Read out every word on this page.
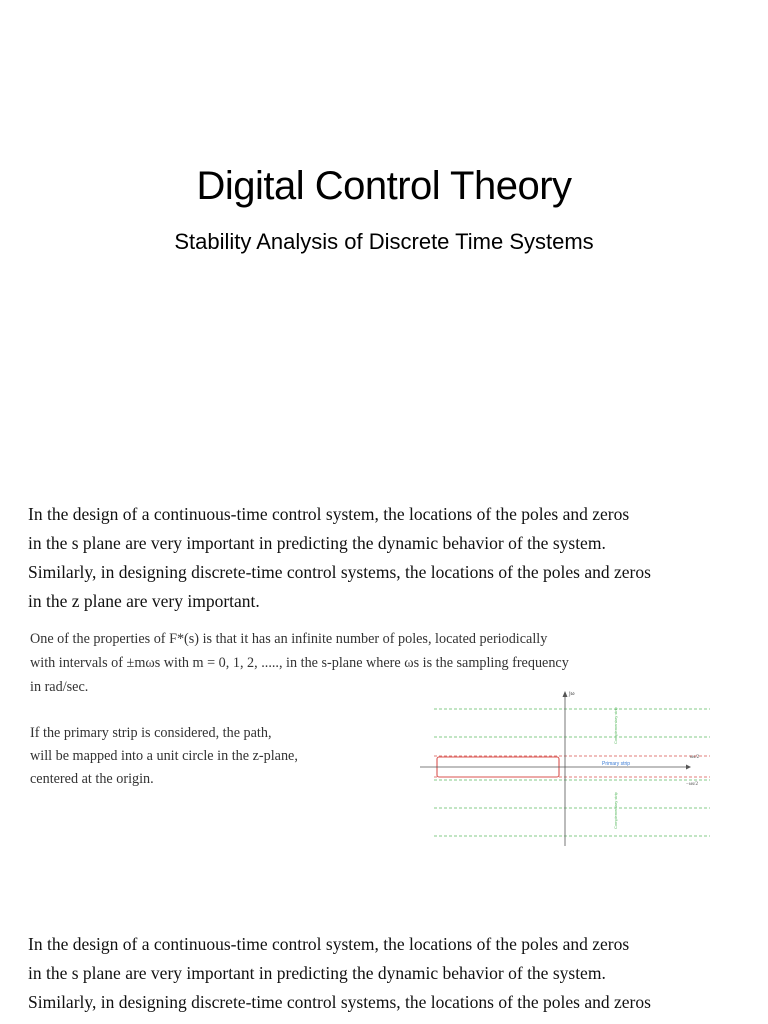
Digital Control Theory
Stability Analysis of Discrete Time Systems

In the design of a continuous-time control system, the locations of the poles and zeros

in the s plane are very important in predicting the dynamic behavior of the system.

Similarly, in designing discrete-time control systems, the locations of the poles and zeros

in the z plane are very important.

One of the properties of F*(s) is that it has an infinite number of poles, located periodically

with intervals of ±mωs with m = 0, 1, 2, ....., in the s-plane where ωs is the sampling frequency

in rad/sec.

If the primary strip is considered, the path,

will be mapped into a unit circle in the z-plane,

centered at the origin.

jω
Primary strip
ωs/2
−ωs/2
Complementary strip
Complementary strip

In the design of a continuous-time control system, the locations of the poles and zeros

in the s plane are very important in predicting the dynamic behavior of the system.

Similarly, in designing discrete-time control systems, the locations of the poles and zeros
